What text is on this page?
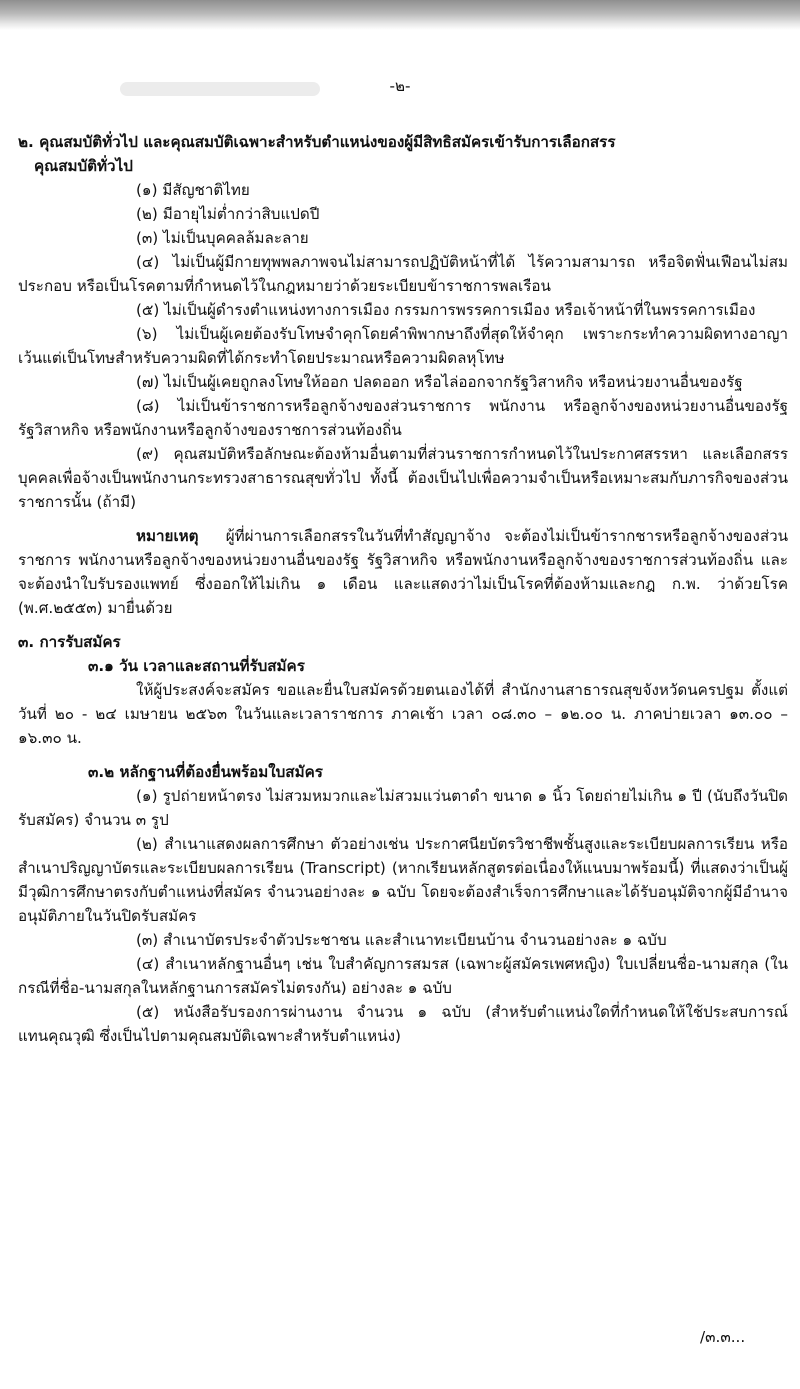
-๒-

๒. คุณสมบัติทั่วไป และคุณสมบัติเฉพาะสำหรับตำแหน่งของผู้มีสิทธิสมัครเข้ารับการเลือกสรร

คุณสมบัติทั่วไป

(๑) มีสัญชาติไทย

(๒) มีอายุไม่ต่ำกว่าสิบแปดปี

(๓) ไม่เป็นบุคคลล้มละลาย

(๔) ไม่เป็นผู้มีกายทุพพลภาพจนไม่สามารถปฏิบัติหน้าที่ได้ ไร้ความสามารถ หรือจิตฟั่นเฟือนไม่สมประกอบ หรือเป็นโรคตามที่กำหนดไว้ในกฎหมายว่าด้วยระเบียบข้าราชการพลเรือน

(๕) ไม่เป็นผู้ดำรงตำแหน่งทางการเมือง กรรมการพรรคการเมือง หรือเจ้าหน้าที่ในพรรคการเมือง

(๖) ไม่เป็นผู้เคยต้องรับโทษจำคุกโดยคำพิพากษาถึงที่สุดให้จำคุก เพราะกระทำความผิดทางอาญา เว้นแต่เป็นโทษสำหรับความผิดที่ได้กระทำโดยประมาณหรือความผิดลหุโทษ

(๗) ไม่เป็นผู้เคยถูกลงโทษให้ออก ปลดออก หรือไล่ออกจากรัฐวิสาหกิจ หรือหน่วยงานอื่นของรัฐ

(๘) ไม่เป็นข้าราชการหรือลูกจ้างของส่วนราชการ พนักงาน หรือลูกจ้างของหน่วยงานอื่นของรัฐ รัฐวิสาหกิจ หรือพนักงานหรือลูกจ้างของราชการส่วนท้องถิ่น

(๙) คุณสมบัติหรือลักษณะต้องห้ามอื่นตามที่ส่วนราชการกำหนดไว้ในประกาศสรรหา และเลือกสรรบุคคลเพื่อจ้างเป็นพนักงานกระทรวงสาธารณสุขทั่วไป ทั้งนี้ ต้องเป็นไปเพื่อความจำเป็นหรือเหมาะสมกับภารกิจของส่วนราชการนั้น (ถ้ามี)

หมายเหตุ ผู้ที่ผ่านการเลือกสรรในวันที่ทำสัญญาจ้าง จะต้องไม่เป็นข้ารากชารหรือลูกจ้างของส่วนราชการ พนักงานหรือลูกจ้างของหน่วยงานอื่นของรัฐ รัฐวิสาหกิจ หรือพนักงานหรือลูกจ้างของราชการส่วนท้องถิ่น และจะต้องนำใบรับรองแพทย์ ซึ่งออกให้ไม่เกิน ๑ เดือน และแสดงว่าไม่เป็นโรคที่ต้องห้ามและกฎ ก.พ. ว่าด้วยโรค (พ.ศ.๒๕๕๓) มายื่นด้วย

๓. การรับสมัคร

๓.๑ วัน เวลาและสถานที่รับสมัคร

ให้ผู้ประสงค์จะสมัคร ขอและยื่นใบสมัครด้วยตนเองได้ที่ สำนักงานสาธารณสุขจังหวัดนครปฐม ตั้งแต่วันที่ ๒๐ - ๒๔ เมษายน ๒๕๖๓ ในวันและเวลาราชการ ภาคเช้า เวลา ๐๘.๓๐ – ๑๒.๐๐ น. ภาคบ่ายเวลา ๑๓.๐๐ – ๑๖.๓๐ น.

๓.๒ หลักฐานที่ต้องยื่นพร้อมใบสมัคร

(๑) รูปถ่ายหน้าตรง ไม่สวมหมวกและไม่สวมแว่นตาดำ ขนาด ๑ นิ้ว โดยถ่ายไม่เกิน ๑ ปี (นับถึงวันปิดรับสมัคร) จำนวน ๓ รูป

(๒) สำเนาแสดงผลการศึกษา ตัวอย่างเช่น ประกาศนียบัตรวิชาชีพชั้นสูงและระเบียบผลการเรียน หรือ สำเนาปริญญาบัตรและระเบียบผลการเรียน (Transcript) (หากเรียนหลักสูตรต่อเนื่องให้แนบมาพร้อมนี้) ที่แสดงว่าเป็นผู้มีวุฒิการศึกษาตรงกับตำแหน่งที่สมัคร จำนวนอย่างละ ๑ ฉบับ โดยจะต้องสำเร็จการศึกษาและได้รับอนุมัติจากผู้มีอำนาจอนุมัติภายในวันปิดรับสมัคร

(๓) สำเนาบัตรประจำตัวประชาชน และสำเนาทะเบียนบ้าน จำนวนอย่างละ ๑ ฉบับ

(๔) สำเนาหลักฐานอื่นๆ เช่น ใบสำคัญการสมรส (เฉพาะผู้สมัครเพศหญิง) ใบเปลี่ยนชื่อ-นามสกุล (ในกรณีที่ชื่อ-นามสกุลในหลักฐานการสมัครไม่ตรงกัน) อย่างละ ๑ ฉบับ

(๕) หนังสือรับรองการผ่านงาน จำนวน ๑ ฉบับ (สำหรับตำแหน่งใดที่กำหนดให้ใช้ประสบการณ์แทนคุณวุฒิ ซึ่งเป็นไปตามคุณสมบัติเฉพาะสำหรับตำแหน่ง)

/๓.๓...
